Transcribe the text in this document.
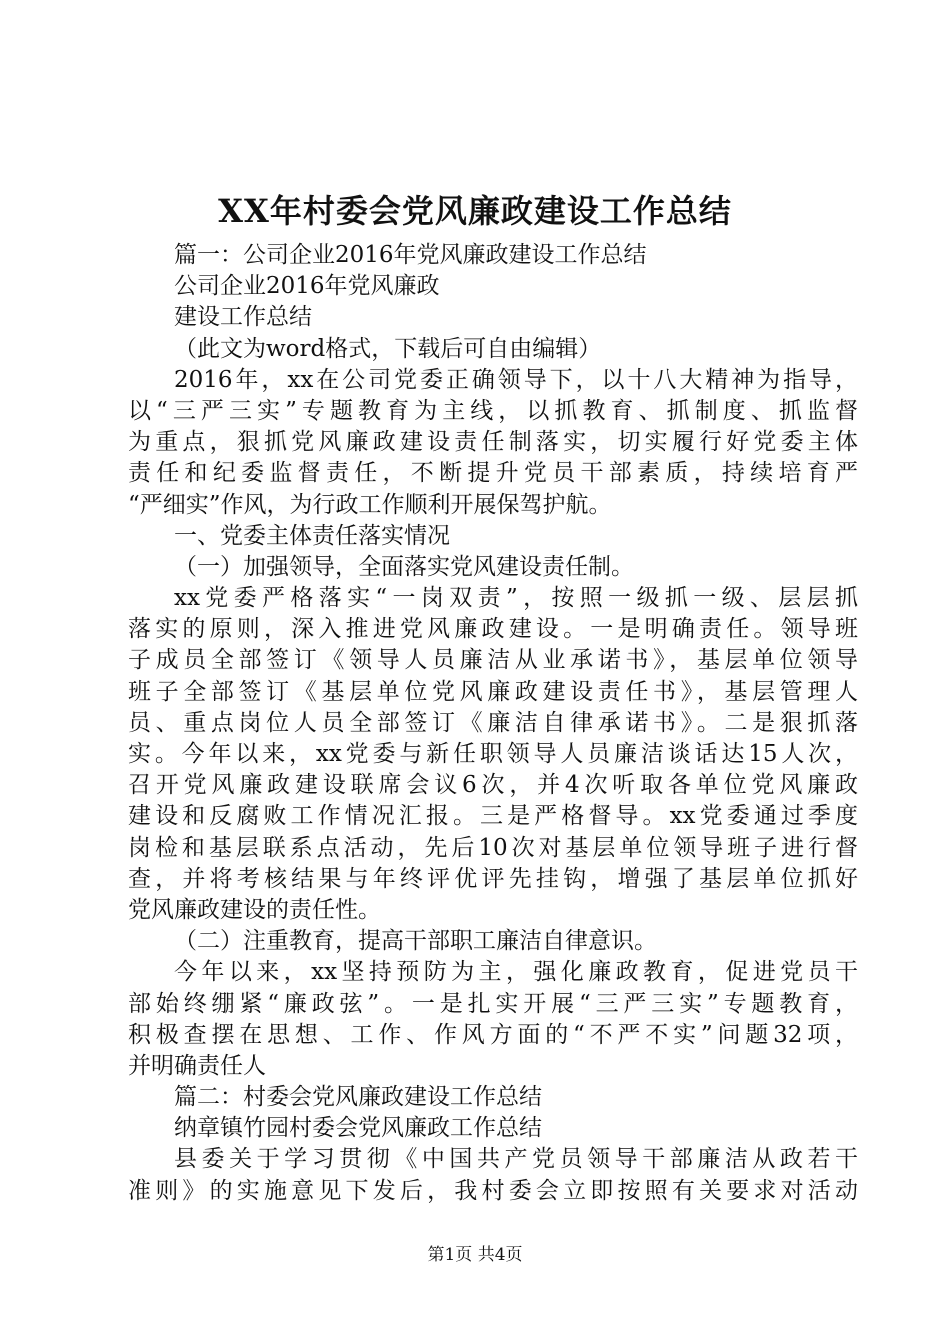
XX年村委会党风廉政建设工作总结
篇一：公司企业2016年党风廉政建设工作总结
公司企业2016年党风廉政
建设工作总结
（此文为word格式，下载后可自由编辑）
2016年，xx在公司党委正确领导下，以十八大精神为指导，
以“三严三实”专题教育为主线，以抓教育、抓制度、抓监督
为重点，狠抓党风廉政建设责任制落实，切实履行好党委主体
责任和纪委监督责任，不断提升党员干部素质，持续培育严
“严细实”作风，为行政工作顺利开展保驾护航。
一、党委主体责任落实情况
（一）加强领导，全面落实党风建设责任制。
xx党委严格落实“一岗双责”，按照一级抓一级、层层抓
落实的原则，深入推进党风廉政建设。一是明确责任。领导班
子成员全部签订《领导人员廉洁从业承诺书》，基层单位领导
班子全部签订《基层单位党风廉政建设责任书》，基层管理人
员、重点岗位人员全部签订《廉洁自律承诺书》。二是狠抓落
实。今年以来，xx党委与新任职领导人员廉洁谈话达15人次，
召开党风廉政建设联席会议6次，并4次听取各单位党风廉政
建设和反腐败工作情况汇报。三是严格督导。xx党委通过季度
岗检和基层联系点活动，先后10次对基层单位领导班子进行督
查，并将考核结果与年终评优评先挂钩，增强了基层单位抓好
党风廉政建设的责任性。
（二）注重教育，提高干部职工廉洁自律意识。
今年以来，xx坚持预防为主，强化廉政教育，促进党员干
部始终绷紧“廉政弦”。一是扎实开展“三严三实”专题教育，
积极查摆在思想、工作、作风方面的“不严不实”问题32项，
并明确责任人
篇二：村委会党风廉政建设工作总结
纳章镇竹园村委会党风廉政工作总结
县委关于学习贯彻《中国共产党员领导干部廉洁从政若干
准则》的实施意见下发后，我村委会立即按照有关要求对活动
第1页 共4页
